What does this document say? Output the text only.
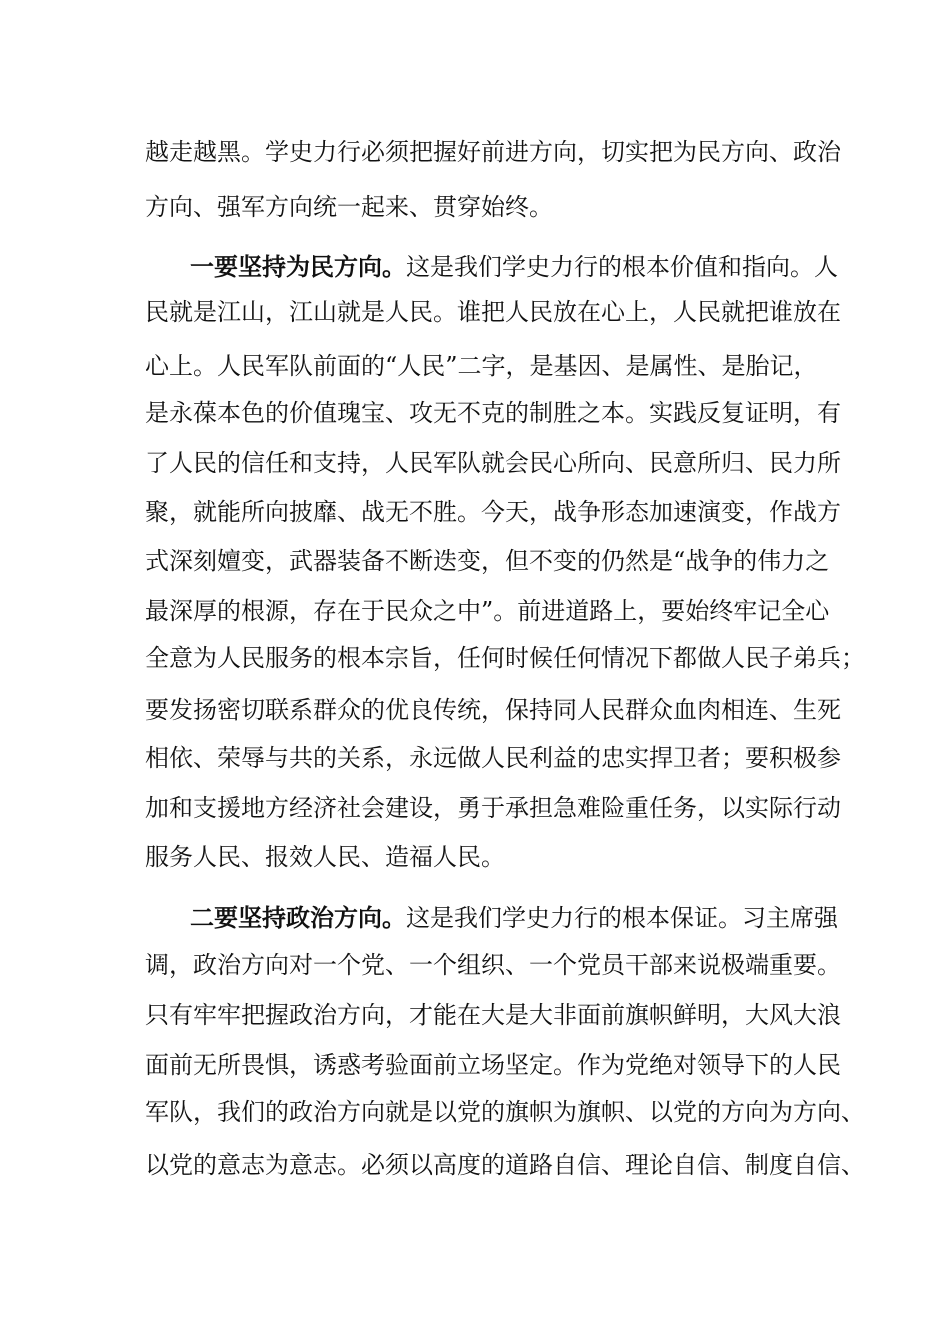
越走越黑。学史力行必须把握好前进方向，切实把为民方向、政治
方向、强军方向统一起来、贯穿始终。
一要坚持为民方向。这是我们学史力行的根本价值和指向。人
民就是江山，江山就是人民。谁把人民放在心上，人民就把谁放在
心上。人民军队前面的“人民”二字，是基因、是属性、是胎记，
是永葆本色的价值瑰宝、攻无不克的制胜之本。实践反复证明，有
了人民的信任和支持，人民军队就会民心所向、民意所归、民力所
聚，就能所向披靡、战无不胜。今天，战争形态加速演变，作战方
式深刻嬗变，武器装备不断迭变，但不变的仍然是“战争的伟力之
最深厚的根源，存在于民众之中”。前进道路上，要始终牢记全心
全意为人民服务的根本宗旨，任何时候任何情况下都做人民子弟兵；
要发扬密切联系群众的优良传统，保持同人民群众血肉相连、生死
相依、荣辱与共的关系，永远做人民利益的忠实捍卫者；要积极参
加和支援地方经济社会建设，勇于承担急难险重任务，以实际行动
服务人民、报效人民、造福人民。
二要坚持政治方向。这是我们学史力行的根本保证。习主席强
调，政治方向对一个党、一个组织、一个党员干部来说极端重要。
只有牢牢把握政治方向，才能在大是大非面前旗帜鲜明，大风大浪
面前无所畏惧，诱惑考验面前立场坚定。作为党绝对领导下的人民
军队，我们的政治方向就是以党的旗帜为旗帜、以党的方向为方向、
以党的意志为意志。必须以高度的道路自信、理论自信、制度自信、
